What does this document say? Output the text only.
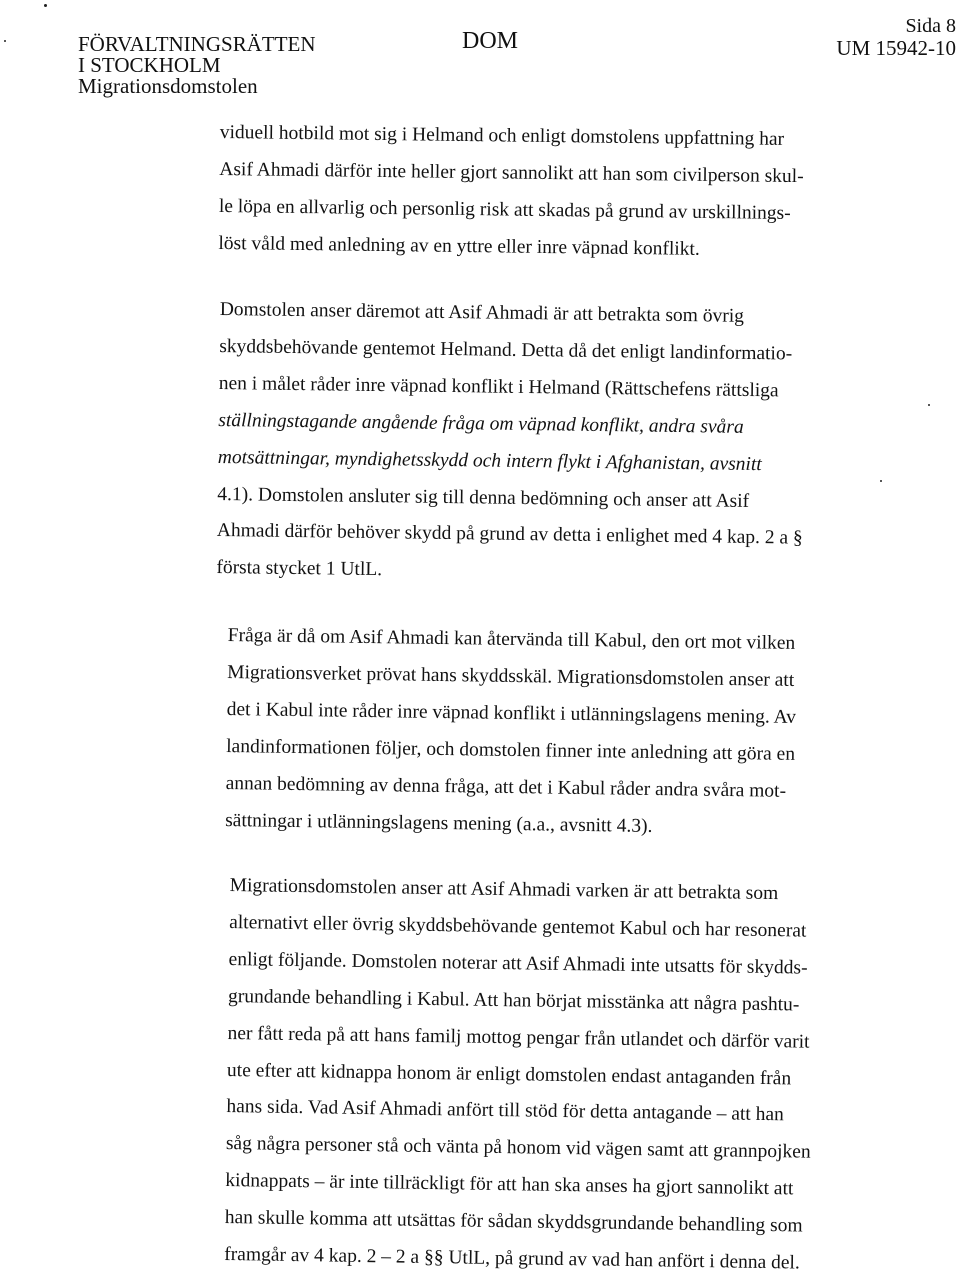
FÖRVALTNINGSRÄTTEN
I STOCKHOLM
Migrationsdomstolen
DOM
Sida 8
UM 15942-10

viduell hotbild mot sig i Helmand och enligt domstolens uppfattning har
Asif Ahmadi därför inte heller gjort sannolikt att han som civilperson skul-
le löpa en allvarlig och personlig risk att skadas på grund av urskillnings-
löst våld med anledning av en yttre eller inre väpnad konflikt.

Domstolen anser däremot att Asif Ahmadi är att betrakta som övrig
skyddsbehövande gentemot Helmand. Detta då det enligt landinformatio-
nen i målet råder inre väpnad konflikt i Helmand (Rättschefens rättsliga
ställningstagande angående fråga om väpnad konflikt, andra svåra
motsättningar, myndighetsskydd och intern flykt i Afghanistan, avsnitt
4.1). Domstolen ansluter sig till denna bedömning och anser att Asif
Ahmadi därför behöver skydd på grund av detta i enlighet med 4 kap. 2 a §
första stycket 1 UtlL.

Fråga är då om Asif Ahmadi kan återvända till Kabul, den ort mot vilken
Migrationsverket prövat hans skyddsskäl. Migrationsdomstolen anser att
det i Kabul inte råder inre väpnad konflikt i utlänningslagens mening. Av
landinformationen följer, och domstolen finner inte anledning att göra en
annan bedömning av denna fråga, att det i Kabul råder andra svåra mot-
sättningar i utlänningslagens mening (a.a., avsnitt 4.3).

Migrationsdomstolen anser att Asif Ahmadi varken är att betrakta som
alternativt eller övrig skyddsbehövande gentemot Kabul och har resonerat
enligt följande. Domstolen noterar att Asif Ahmadi inte utsatts för skydds-
grundande behandling i Kabul. Att han börjat misstänka att några pashtu-
ner fått reda på att hans familj mottog pengar från utlandet och därför varit
ute efter att kidnappa honom är enligt domstolen endast antaganden från
hans sida. Vad Asif Ahmadi anfört till stöd för detta antagande – att han
såg några personer stå och vänta på honom vid vägen samt att grannpojken
kidnappats – är inte tillräckligt för att han ska anses ha gjort sannolikt att
han skulle komma att utsättas för sådan skyddsgrundande behandling som
framgår av 4 kap. 2 – 2 a §§ UtlL, på grund av vad han anfört i denna del.
